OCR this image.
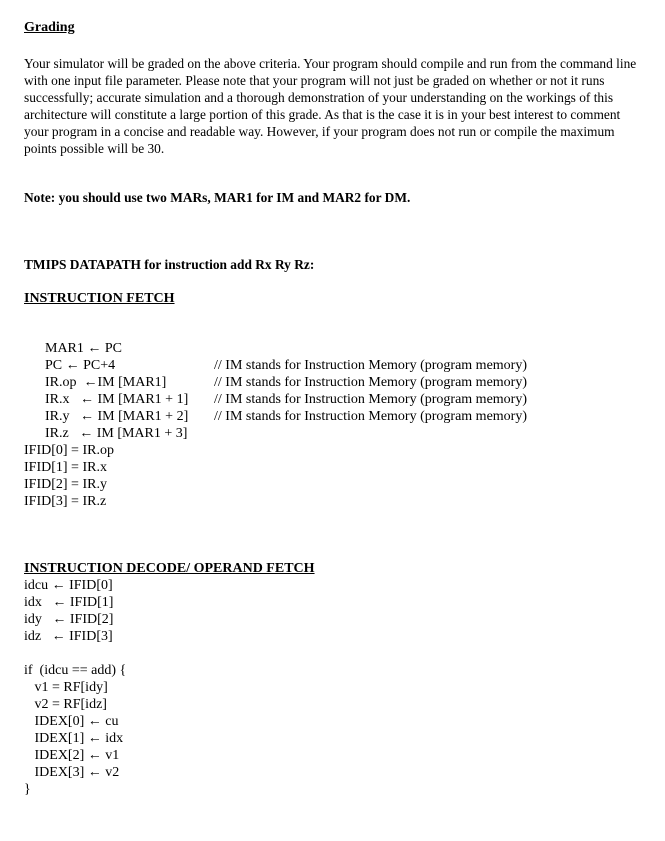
Grading

Your simulator will be graded on the above criteria. Your program should compile and run from the command line with one input file parameter. Please note that your program will not just be graded on whether or not it runs successfully; accurate simulation and a thorough demonstration of your understanding on the workings of this architecture will constitute a large portion of this grade. As that is the case it is in your best interest to comment your program in a concise and readable way. However, if your program does not run or compile the maximum points possible will be 30.

Note: you should use two MARs, MAR1 for IM and MAR2 for DM.

TMIPS DATAPATH for instruction add Rx Ry Rz:

INSTRUCTION FETCH

MAR1 ← PC

PC ← PC+4

IR.op  ←IM [MAR1]

// IM stands for Instruction Memory (program memory)

IR.x   ← IM [MAR1 + 1]

// IM stands for Instruction Memory (program memory)

IR.y   ← IM [MAR1 + 2]

// IM stands for Instruction Memory (program memory)

IR.z   ← IM [MAR1 + 3]

// IM stands for Instruction Memory (program memory)

IFID[0] = IR.op
IFID[1] = IR.x
IFID[2] = IR.y
IFID[3] = IR.z

INSTRUCTION DECODE/ OPERAND FETCH

idcu ← IFID[0]
idx   ← IFID[1]
idy   ← IFID[2]
idz   ← IFID[3]
if  (idcu == add) {
v1 = RF[idy]
v2 = RF[idz]
IDEX[0] ← cu
IDEX[1] ← idx
IDEX[2] ← v1
IDEX[3] ← v2
}
